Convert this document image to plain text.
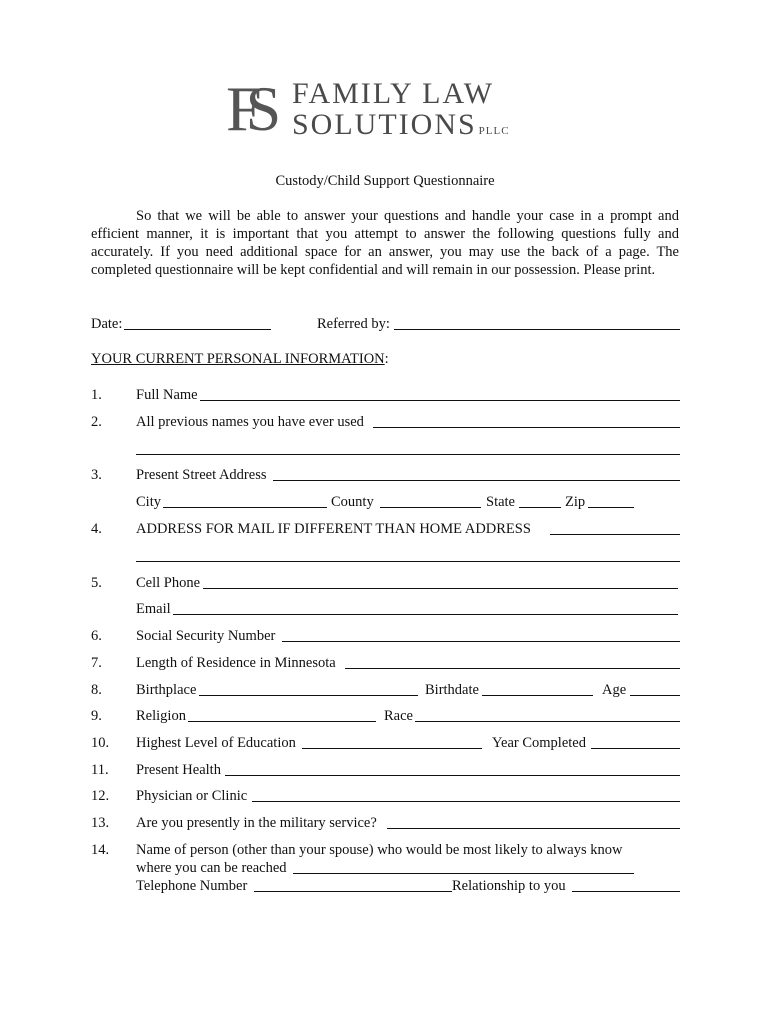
FS FAMILY LAW
SOLUTIONS PLLC
Custody/Child Support Questionnaire
So that we will be able to answer your questions and handle your case in a prompt and efficient manner, it is important that you attempt to answer the following questions fully and accurately. If you need additional space for an answer, you may use the back of a page. The completed questionnaire will be kept confidential and will remain in our possession. Please print.
Date:	Referred by:
YOUR CURRENT PERSONAL INFORMATION:
1. Full Name
2. All previous names you have ever used
3. Present Street Address
City	County	State	Zip
4. ADDRESS FOR MAIL IF DIFFERENT THAN HOME ADDRESS
5. Cell Phone
Email
6. Social Security Number
7. Length of Residence in Minnesota
8. Birthplace	Birthdate	Age
9. Religion	Race
10. Highest Level of Education	Year Completed
11. Present Health
12. Physician or Clinic
13. Are you presently in the military service?
14. Name of person (other than your spouse) who would be most likely to always know
where you can be reached
Telephone Number	Relationship to you
